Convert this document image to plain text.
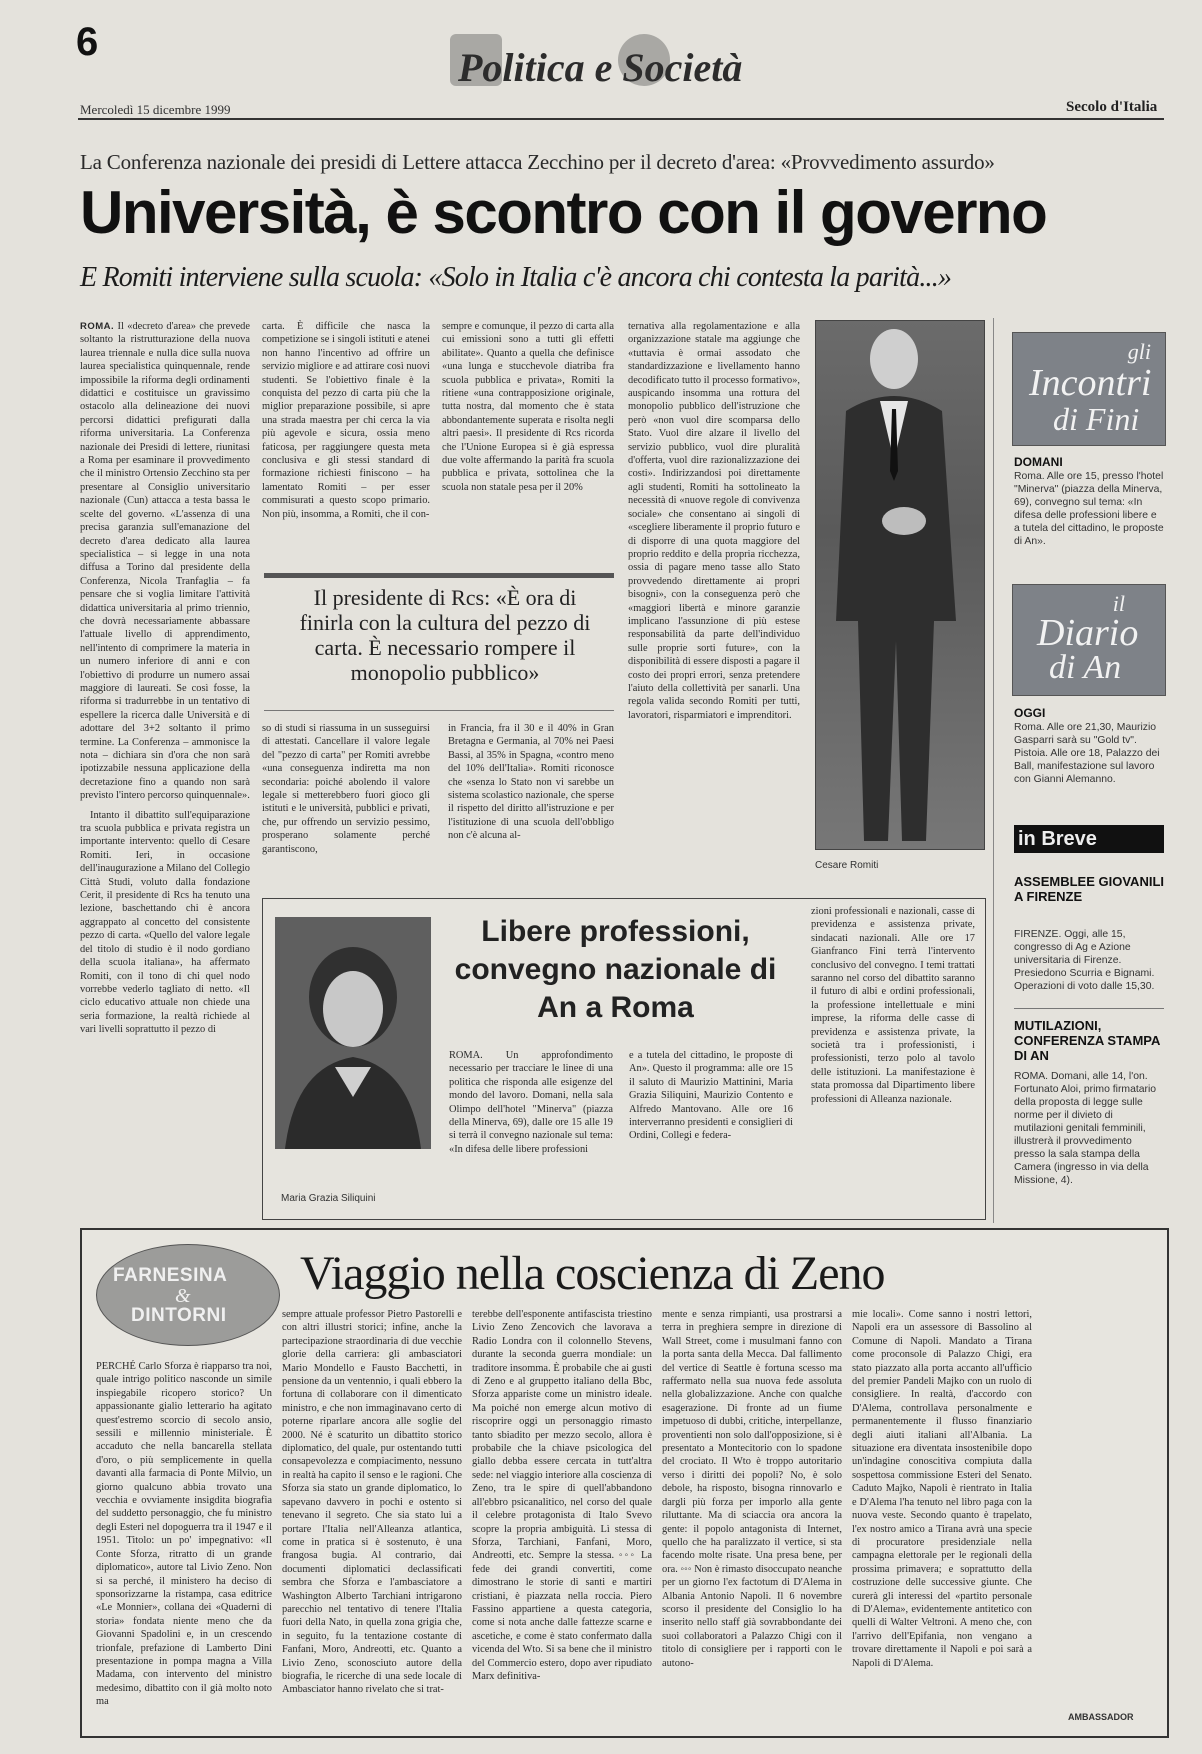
6
Politica e Società
Mercoledì 15 dicembre 1999	Secolo d'Italia
La Conferenza nazionale dei presidi di Lettere attacca Zecchino per il decreto d'area: «Provvedimento assurdo»
Università, è scontro con il governo
E Romiti interviene sulla scuola: «Solo in Italia c'è ancora chi contesta la parità...»

ROMA. Il «decreto d'area» che prevede soltanto la ristrutturazione della nuova laurea triennale e nulla dice sulla nuova laurea specialistica quinquennale, rende impossibile la riforma degli ordinamenti didattici e costituisce un gravissimo ostacolo alla delineazione dei nuovi percorsi didattici prefigurati dalla riforma universitaria. La Conferenza nazionale dei Presidi di lettere, riunitasi a Roma per esaminare il provvedimento che il ministro Ortensio Zecchino sta per presentare al Consiglio universitario nazionale (Cun) attacca a testa bassa le scelte del governo. «L'assenza di una precisa garanzia sull'emanazione del decreto d'area dedicato alla laurea specialistica – si legge in una nota diffusa a Torino dal presidente della Conferenza, Nicola Tranfaglia – fa pensare che si voglia limitare l'attività didattica universitaria al primo triennio, che dovrà necessariamente abbassare l'attuale livello di apprendimento, nell'intento di comprimere la materia in un numero inferiore di anni e con l'obiettivo di produrre un numero assai maggiore di laureati. Se così fosse, la riforma si tradurrebbe in un tentativo di espellere la ricerca dalle Università e di adottare del 3+2 soltanto il primo termine. La Conferenza – ammonisce la nota – dichiara sin d'ora che non sarà ipotizzabile nessuna applicazione della decretazione fino a quando non sarà previsto l'intero percorso quinquennale».

Intanto il dibattito sull'equiparazione tra scuola pubblica e privata registra un importante intervento: quello di Cesare Romiti. Ieri, in occasione dell'inaugurazione a Milano del Collegio Città Studi, voluto dalla fondazione Cerit, il presidente di Rcs ha tenuto una lezione, baschettando chi è ancora aggrappato al concetto del consistente pezzo di carta. «Quello del valore legale del titolo di studio è il nodo gordiano della scuola italiana», ha affermato Romiti, con il tono di chi quel nodo vorrebbe vederlo tagliato di netto. «Il ciclo educativo attuale non chiede una seria formazione, la realtà richiede al vari livelli soprattutto il pezzo di

carta. È difficile che nasca la competizione se i singoli istituti e atenei non hanno l'incentivo ad offrire un servizio migliore e ad attirare così nuovi studenti. Se l'obiettivo finale è la conquista del pezzo di carta più che la miglior preparazione possibile, si apre una strada maestra per chi cerca la via più agevole e sicura, ossia meno faticosa, per raggiungere questa meta conclusiva e gli stessi standard di formazione richiesti finiscono – ha lamentato Romiti – per esser commisurati a questo scopo primario. Non più, insomma, a Romiti, che il con-
sempre e comunque, il pezzo di carta alla cui emissioni sono a tutti gli effetti abilitate». Quanto a quella che definisce «una lunga e stucchevole diatriba fra scuola pubblica e privata», Romiti la ritiene «una contrapposizione originale, tutta nostra, dal momento che è stata abbondantemente superata e risolta negli altri paesi». Il presidente di Rcs ricorda che l'Unione Europea si è già espressa due volte affermando la parità fra scuola pubblica e privata, sottolinea che la scuola non statale pesa per il 20%
ternativa alla regolamentazione e alla organizzazione statale ma aggiunge che «tuttavia è ormai assodato che standardizzazione e livellamento hanno decodificato tutto il processo formativo», auspicando insomma una rottura del monopolio pubblico dell'istruzione che però «non vuol dire scomparsa dello Stato. Vuol dire alzare il livello del servizio pubblico, vuol dire pluralità d'offerta, vuol dire razionalizzazione dei costi». Indirizzandosi poi direttamente agli studenti, Romiti ha sottolineato la necessità di «nuove regole di convivenza sociale» che consentano ai singoli di «scegliere liberamente il proprio futuro e di disporre di una quota maggiore del proprio reddito e della propria ricchezza, ossia di pagare meno tasse allo Stato provvedendo direttamente ai propri bisogni», con la conseguenza però che «maggiori libertà e minore garanzie implicano l'assunzione di più estese responsabilità da parte dell'individuo sulle proprie sorti future», con la disponibilità di essere disposti a pagare il costo dei propri errori, senza pretendere l'aiuto della collettività per sanarli. Una regola valida secondo Romiti per tutti, lavoratori, risparmiatori e imprenditori.
Il presidente di Rcs: «È ora di finirla con la cultura del pezzo di carta. È necessario rompere il monopolio pubblico»
so di studi si riassuma in un susseguirsi di attestati. Cancellare il valore legale del "pezzo di carta" per Romiti avrebbe «una conseguenza indiretta ma non secondaria: poiché abolendo il valore legale si metterebbero fuori gioco gli istituti e le università, pubblici e privati, che, pur offrendo un servizio pessimo, prosperano solamente perché garantiscono,
in Francia, fra il 30 e il 40% in Gran Bretagna e Germania, al 70% nei Paesi Bassi, al 35% in Spagna, «contro meno del 10% dell'Italia». Romiti riconosce che «senza lo Stato non vi sarebbe un sistema scolastico nazionale, che sperse il rispetto del diritto all'istruzione e per l'istituzione di una scuola dell'obbligo non c'è alcuna al-
Cesare Romiti
gli
Incontri
di Fini
DOMANI
Roma. Alle ore 15, presso l'hotel "Minerva" (piazza della Minerva, 69), convegno sul tema: «In difesa delle professioni libere e a tutela del cittadino, le proposte di An».
il
Diario
di An
OGGI
Roma. Alle ore 21,30, Maurizio Gasparri sarà su "Gold tv". Pistoia. Alle ore 18, Palazzo dei Ball, manifestazione sul lavoro con Gianni Alemanno.
in Breve
ASSEMBLEE GIOVANILI A FIRENZE
FIRENZE. Oggi, alle 15, congresso di Ag e Azione universitaria di Firenze. Presiedono Scurria e Bignami. Operazioni di voto dalle 15,30.
MUTILAZIONI, CONFERENZA STAMPA DI AN
ROMA. Domani, alle 14, l'on. Fortunato Aloi, primo firmatario della proposta di legge sulle norme per il divieto di mutilazioni genitali femminili, illustrerà il provvedimento presso la sala stampa della Camera (ingresso in via della Missione, 4).
Maria Grazia Siliquini
Libere professioni, convegno nazionale di An a Roma
ROMA. Un approfondimento necessario per tracciare le linee di una politica che risponda alle esigenze del mondo del lavoro. Domani, nella sala Olimpo dell'hotel "Minerva" (piazza della Minerva, 69), dalle ore 15 alle 19 si terrà il convegno nazionale sul tema: «In difesa delle libere professioni
e a tutela del cittadino, le proposte di An». Questo il programma: alle ore 15 il saluto di Maurizio Mattinini, Maria Grazia Siliquini, Maurizio Contento e Alfredo Mantovano. Alle ore 16 interverranno presidenti e consiglieri di Ordini, Collegi e federa-
zioni professionali e nazionali, casse di previdenza e assistenza private, sindacati nazionali. Alle ore 17 Gianfranco Fini terrà l'intervento conclusivo del convegno. I temi trattati saranno nel corso del dibattito saranno il futuro di albi e ordini professionali, la professione intellettuale e mini imprese, la riforma delle casse di previdenza e assistenza private, la società tra i professionisti, i professionisti, terzo polo al tavolo delle istituzioni. La manifestazione è stata promossa dal Dipartimento libere professioni di Alleanza nazionale.
FARNESINA
&
DINTORNI
Viaggio nella coscienza di Zeno
PERCHÉ Carlo Sforza è riapparso tra noi, quale intrigo politico nasconde un simile inspiegabile ricopero storico? Un appassionante gialio letterario ha agitato quest'estremo scorcio di secolo ansio, sessili e millennio ministeriale. È accaduto che nella bancarella stellata d'oro, o più semplicemente in quella davanti alla farmacia di Ponte Milvio, un giorno qualcuno abbia trovato una vecchia e ovviamente insigdita biografia del suddetto personaggio, che fu ministro degli Esteri nel dopoguerra tra il 1947 e il 1951. Titolo: un po' impegnativo: «Il Conte Sforza, ritratto di un grande diplomatico», autore tal Livio Zeno. Non si sa perché, il ministero ha deciso di sponsorizzarne la ristampa, casa editrice «Le Monnier», collana dei «Quaderni di storia» fondata niente meno che da Giovanni Spadolini e, in un crescendo trionfale, prefazione di Lamberto Dini presentazione in pompa magna a Villa Madama, con intervento del ministro medesimo, dibattito con il già molto noto ma
sempre attuale professor Pietro Pastorelli e con altri illustri storici; infine, anche la partecipazione straordinaria di due vecchie glorie della carriera: gli ambasciatori Mario Mondello e Fausto Bacchetti, in pensione da un ventennio, i quali ebbero la fortuna di collaborare con il dimenticato ministro, e che non immaginavano certo di poterne riparlare ancora alle soglie del 2000. Né è scaturito un dibattito storico diplomatico, del quale, pur ostentando tutti consapevolezza e compiacimento, nessuno in realtà ha capito il senso e le ragioni. Che Sforza sia stato un grande diplomatico, lo sapevano davvero in pochi e ostento si tenevano il segreto. Che sia stato lui a portare l'Italia nell'Alleanza atlantica, come in pratica si è sostenuto, è una frangosa bugia. Al contrario, dai documenti diplomatici declassificati sembra che Sforza e l'ambasciatore a Washington Alberto Tarchiani intrigarono parecchio nel tentativo di tenere l'Italia fuori della Nato, in quella zona grigia che, in seguito, fu la tentazione costante di Fanfani, Moro, Andreotti, etc. Quanto a Livio Zeno, sconosciuto autore della biografia, le ricerche di una sede locale di Ambasciator hanno rivelato che si trat-
terebbe dell'esponente antifascista triestino Livio Zeno Zencovich che lavorava a Radio Londra con il colonnello Stevens, durante la seconda guerra mondiale: un traditore insomma. È probabile che ai gusti di Zeno e al gruppetto italiano della Bbc, Sforza appariste come un ministro ideale. Ma poiché non emerge alcun motivo di riscoprire oggi un personaggio rimasto tanto sbiadito per mezzo secolo, allora è probabile che la chiave psicologica del giallo debba essere cercata in tutt'altra sede: nel viaggio interiore alla coscienza di Zeno, tra le spire di quell'abbandono all'ebbro psicanalitico, nel corso del quale il celebre protagonista di Italo Svevo scopre la propria ambiguità. Lì stessa di Sforza, Tarchiani, Fanfani, Moro, Andreotti, etc. Sempre la stessa. ◦◦◦ La fede dei grandi convertiti, come dimostrano le storie di santi e martiri cristiani, è piazzata nella roccia. Piero Fassino appartiene a questa categoria, come si nota anche dalle fattezze scarne e ascetiche, e come è stato confermato dalla vicenda del Wto. Si sa bene che il ministro del Commercio estero, dopo aver ripudiato Marx definitiva-
mente e senza rimpianti, usa prostrarsi a terra in preghiera sempre in direzione di Wall Street, come i musulmani fanno con la porta santa della Mecca. Dal fallimento del vertice di Seattle è fortuna scesso ma raffermato nella sua nuova fede assoluta nella globalizzazione. Anche con qualche esagerazione. Di fronte ad un fiume impetuoso di dubbi, critiche, interpellanze, proventienti non solo dall'opposizione, si è presentato a Montecitorio con lo spadone del crociato. Il Wto è troppo autoritario verso i diritti dei popoli? No, è solo debole, ha risposto, bisogna rinnovarlo e dargli più forza per imporlo alla gente riluttante. Ma di sciaccia ora ancora la gente: il popolo antagonista di Internet, quello che ha paralizzato il vertice, si sta facendo molte risate. Una presa bene, per ora. ◦◦◦ Non è rimasto disoccupato neanche per un giorno l'ex factotum di D'Alema in Albania Antonio Napoli. Il 6 novembre scorso il presidente del Consiglio lo ha inserito nello staff già sovrabbondante dei suoi collaboratori a Palazzo Chigi con il titolo di consigliere per i rapporti con le autono-
mie locali». Come sanno i nostri lettori, Napoli era un assessore di Bassolino al Comune di Napoli. Mandato a Tirana come proconsole di Palazzo Chigi, era stato piazzato alla porta accanto all'ufficio del premier Pandeli Majko con un ruolo di consigliere. In realtà, d'accordo con D'Alema, controllava personalmente e permanentemente il flusso finanziario degli aiuti italiani all'Albania. La situazione era diventata insostenibile dopo un'indagine conoscitiva compiuta dalla sospettosa commissione Esteri del Senato. Caduto Majko, Napoli è rientrato in Italia e D'Alema l'ha tenuto nel libro paga con la nuova veste. Secondo quanto è trapelato, l'ex nostro amico a Tirana avrà una specie di procuratore presidenziale nella campagna elettorale per le regionali della prossima primavera; e soprattutto della costruzione delle successive giunte. Che curerà gli interessi del «partito personale di D'Alema», evidentemente antitetico con quelli di Walter Veltroni. A meno che, con l'arrivo dell'Epifania, non vengano a trovare direttamente il Napoli e poi sarà a Napoli di D'Alema.
AMBASSADOR
